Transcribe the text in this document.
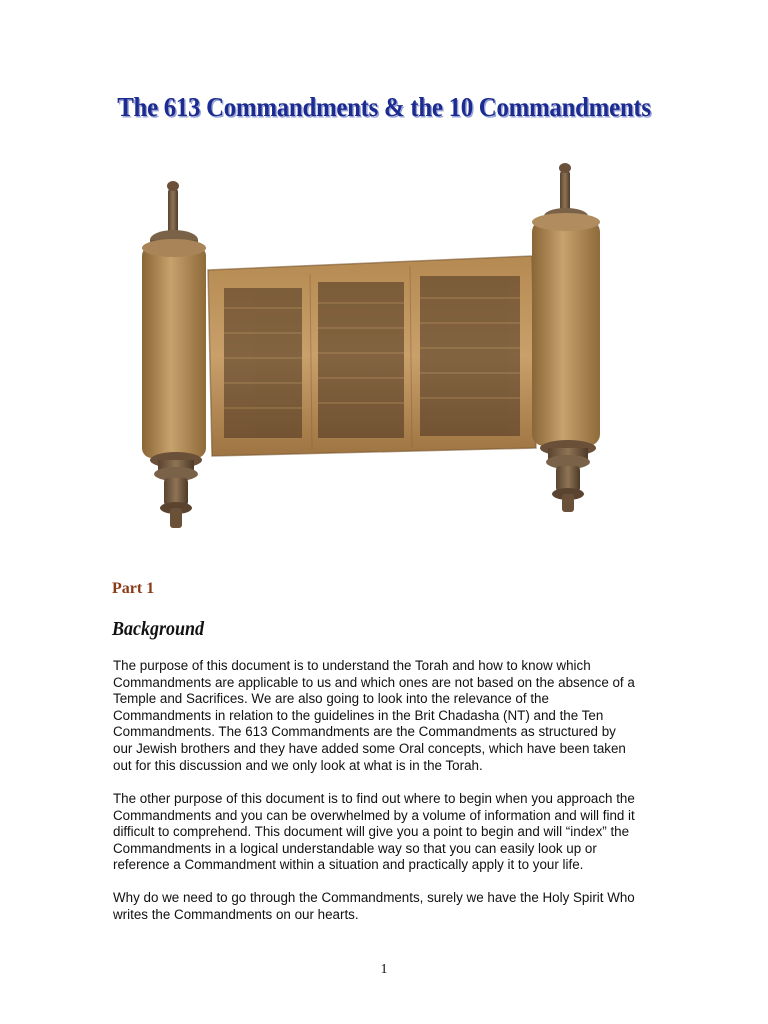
The 613 Commandments & the 10 Commandments
Part 1
Background
The purpose of this document is to understand the Torah and how to know which
Commandments are applicable to us and which ones are not based on the absence of a
Temple and Sacrifices. We are also going to look into the relevance of the
Commandments in relation to the guidelines in the Brit Chadasha (NT) and the Ten
Commandments. The 613 Commandments are the Commandments as structured by
our Jewish brothers and they have added some Oral concepts, which have been taken
out for this discussion and we only look at what is in the Torah.
The other purpose of this document is to find out where to begin when you approach the
Commandments and you can be overwhelmed by a volume of information and will find it
difficult to comprehend. This document will give you a point to begin and will “index” the
Commandments in a logical understandable way so that you can easily look up or
reference a Commandment within a situation and practically apply it to your life.
Why do we need to go through the Commandments, surely we have the Holy Spirit Who
writes the Commandments on our hearts.
1
